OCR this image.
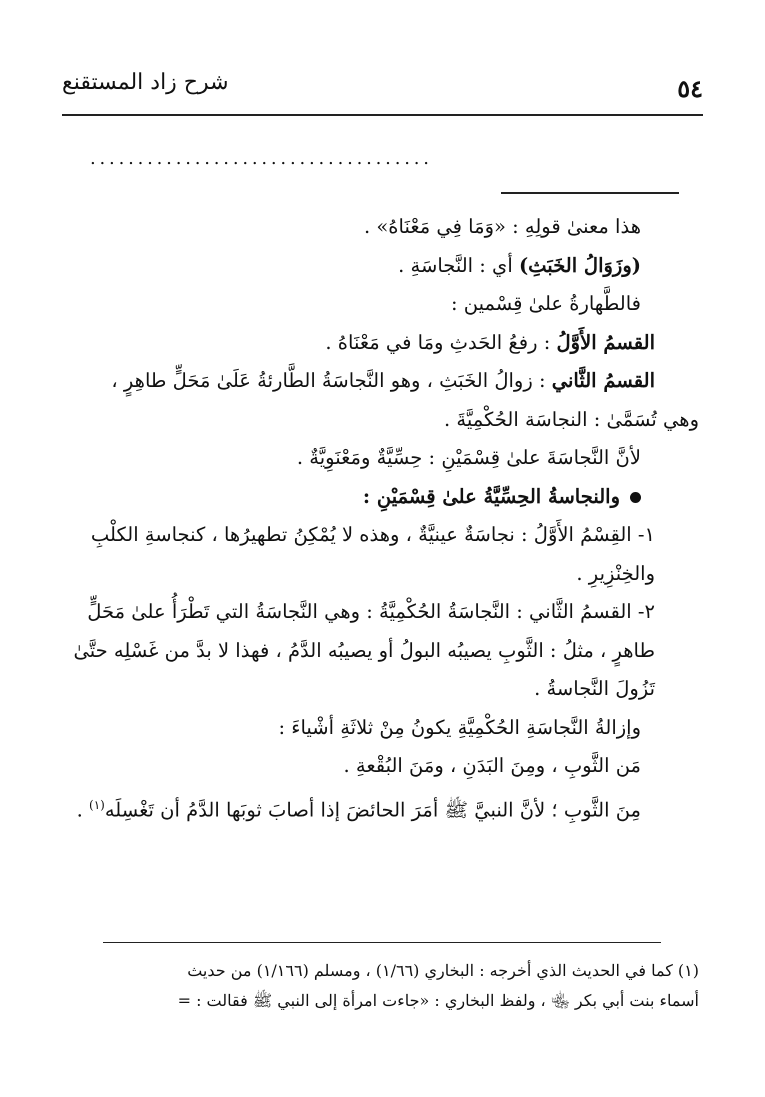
شرح زاد المستقنع	٥٤
....................................

هذا معنىٰ قولِهِ : «وَمَا فِي مَعْنَاهُ» .

(وزَوَالُ الخَبَثِ) أي : النَّجاسَةِ .

فالطَّهارةُ علىٰ قِسْمين :

القسمُ الأَوَّلُ : رفعُ الحَدثِ ومَا في مَعْنَاهُ .

القسمُ الثَّاني : زوالُ الخَبَثِ ، وهو النَّجاسَةُ الطَّارئةُ عَلَىٰ مَحَلٍّ طاهِرٍ ،

وهي تُسَمَّىٰ : النجاسَة الحُكْمِيَّةَ .

لأنَّ النَّجاسَةَ علىٰ قِسْمَيْنِ : حِسِّيَّةٌ ومَعْنَوِيَّةٌ .

والنجاسةُ الحِسِّيَّةُ علىٰ قِسْمَيْنِ :

١- القِسْمُ الأَوَّلُ : نجاسَةٌ عينيَّةٌ ، وهذه لا يُمْكِنُ تطهيرُها ، كنجاسةِ الكلْبِ والخِنْزِيرِ .

٢- القسمُ الثَّاني : النَّجاسَةُ الحُكْمِيَّةُ : وهي النَّجاسَةُ التي تَطْرَأُ علىٰ مَحَلٍّ طاهرٍ ، مثلُ : الثَّوبِ يصيبُه البولُ أو يصيبُه الدَّمُ ، فهذا لا بدَّ من غَسْلِه حتَّىٰ تَزُولَ النَّجاسةُ .

وإزالةُ النَّجاسَةِ الحُكْمِيَّةِ يكونُ مِنْ ثلاثَةِ أشْياءَ :

مَن الثَّوبِ ، ومِنَ البَدَنِ ، ومَنَ البُقْعةِ .

مِنَ الثَّوبِ ؛ لأنَّ النبيَّ ﷺ أمَرَ الحائضَ إذا أصابَ ثوبَها الدَّمُ أن تَغْسِلَه$^{(١)}$ .

(١) كما في الحديث الذي أخرجه : البخاري (١/٦٦) ، ومسلم (١/١٦٦) من حديث

أسماء بنت أبي بكر ﵄ ، ولفظ البخاري : «جاءت امرأة إلى النبي ﷺ فقالت : =
